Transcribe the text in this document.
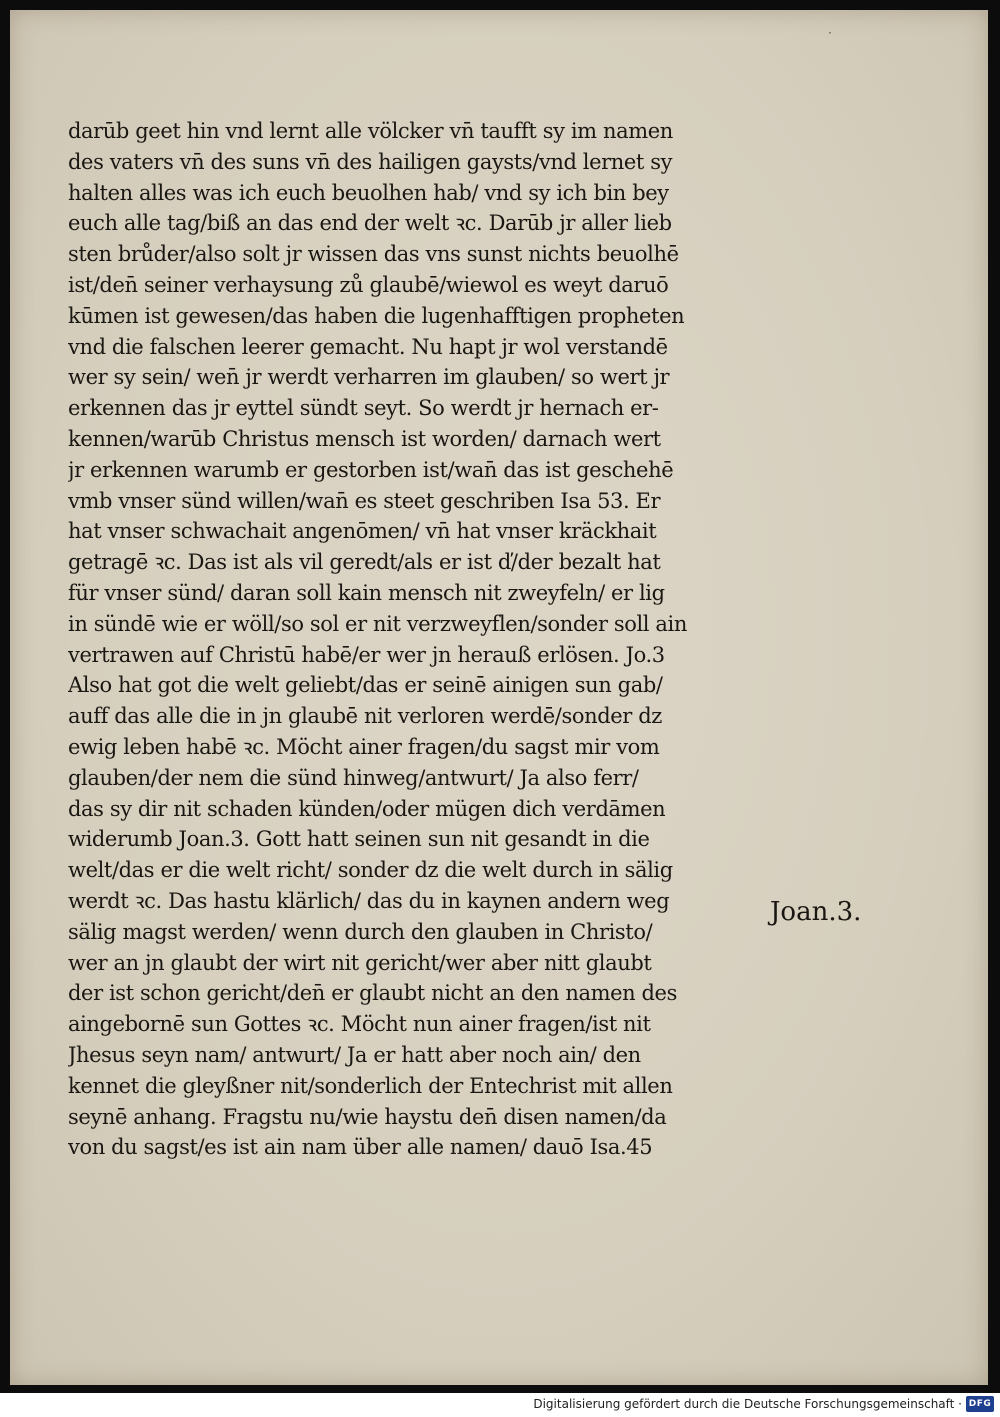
·
darūb geet hin vnd lernt alle völcker vn̄ taufft sy im namen
des vaters vn̄ des suns vn̄ des hailigen gaysts/vnd lernet sy
halten alles was ich euch beuolhen hab/ vnd sy ich bin bey
euch alle tag/biß an das end der welt ꝛc. Darūb jr aller lieb
sten brůder/also solt jr wissen das vns sunst nichts beuolhē
ist/den̄ seiner verhaysung zů glaubē/wiewol es weyt daruō
kūmen ist gewesen/das haben die lugenhafftigen propheten
vnd die falschen leerer gemacht. Nu hapt jr wol verstandē
wer sy sein/ wen̄ jr werdt verharren im glauben/ so wert jr
erkennen das jr eyttel sündt seyt. So werdt jr hernach er-
kennen/warūb Christus mensch ist worden/ darnach wert
jr erkennen warumb er gestorben ist/wan̄ das ist geschehē
vmb vnser sünd willen/wan̄ es steet geschriben Isa 53. Er
hat vnser schwachait angenōmen/ vn̄ hat vnser kräckhait
getragē ꝛc. Das ist als vil geredt/als er ist ď/der bezalt hat
für vnser sünd/ daran soll kain mensch nit zweyfeln/ er lig
in sündē wie er wöll/so sol er nit verzweyflen/sonder soll ain
vertrawen auf Christū habē/er wer jn herauß erlösen. Jo.3
Also hat got die welt geliebt/das er seinē ainigen sun gab/
auff das alle die in jn glaubē nit verloren werdē/sonder dz
ewig leben habē ꝛc. Möcht ainer fragen/du sagst mir vom
glauben/der nem die sünd hinweg/antwurt/ Ja also ferr/
das sy dir nit schaden künden/oder mügen dich verdāmen
widerumb Joan.3. Gott hatt seinen sun nit gesandt in die
welt/das er die welt richt/ sonder dz die welt durch in sälig
werdt ꝛc. Das hastu klärlich/ das du in kaynen andern weg
sälig magst werden/ wenn durch den glauben in Christo/
wer an jn glaubt der wirt nit gericht/wer aber nitt glaubt
der ist schon gericht/den̄ er glaubt nicht an den namen des
aingebornē sun Gottes ꝛc. Möcht nun ainer fragen/ist nit
Jhesus seyn nam/ antwurt/ Ja er hatt aber noch ain/ den
kennet die gleyßner nit/sonderlich der Entechrist mit allen
seynē anhang. Fragstu nu/wie haystu den̄ disen namen/da
von du sagst/es ist ain nam über alle namen/ dauō Isa.45
Joan.3.
Digitalisierung gefördert durch die Deutsche Forschungsgemeinschaft · DFG
